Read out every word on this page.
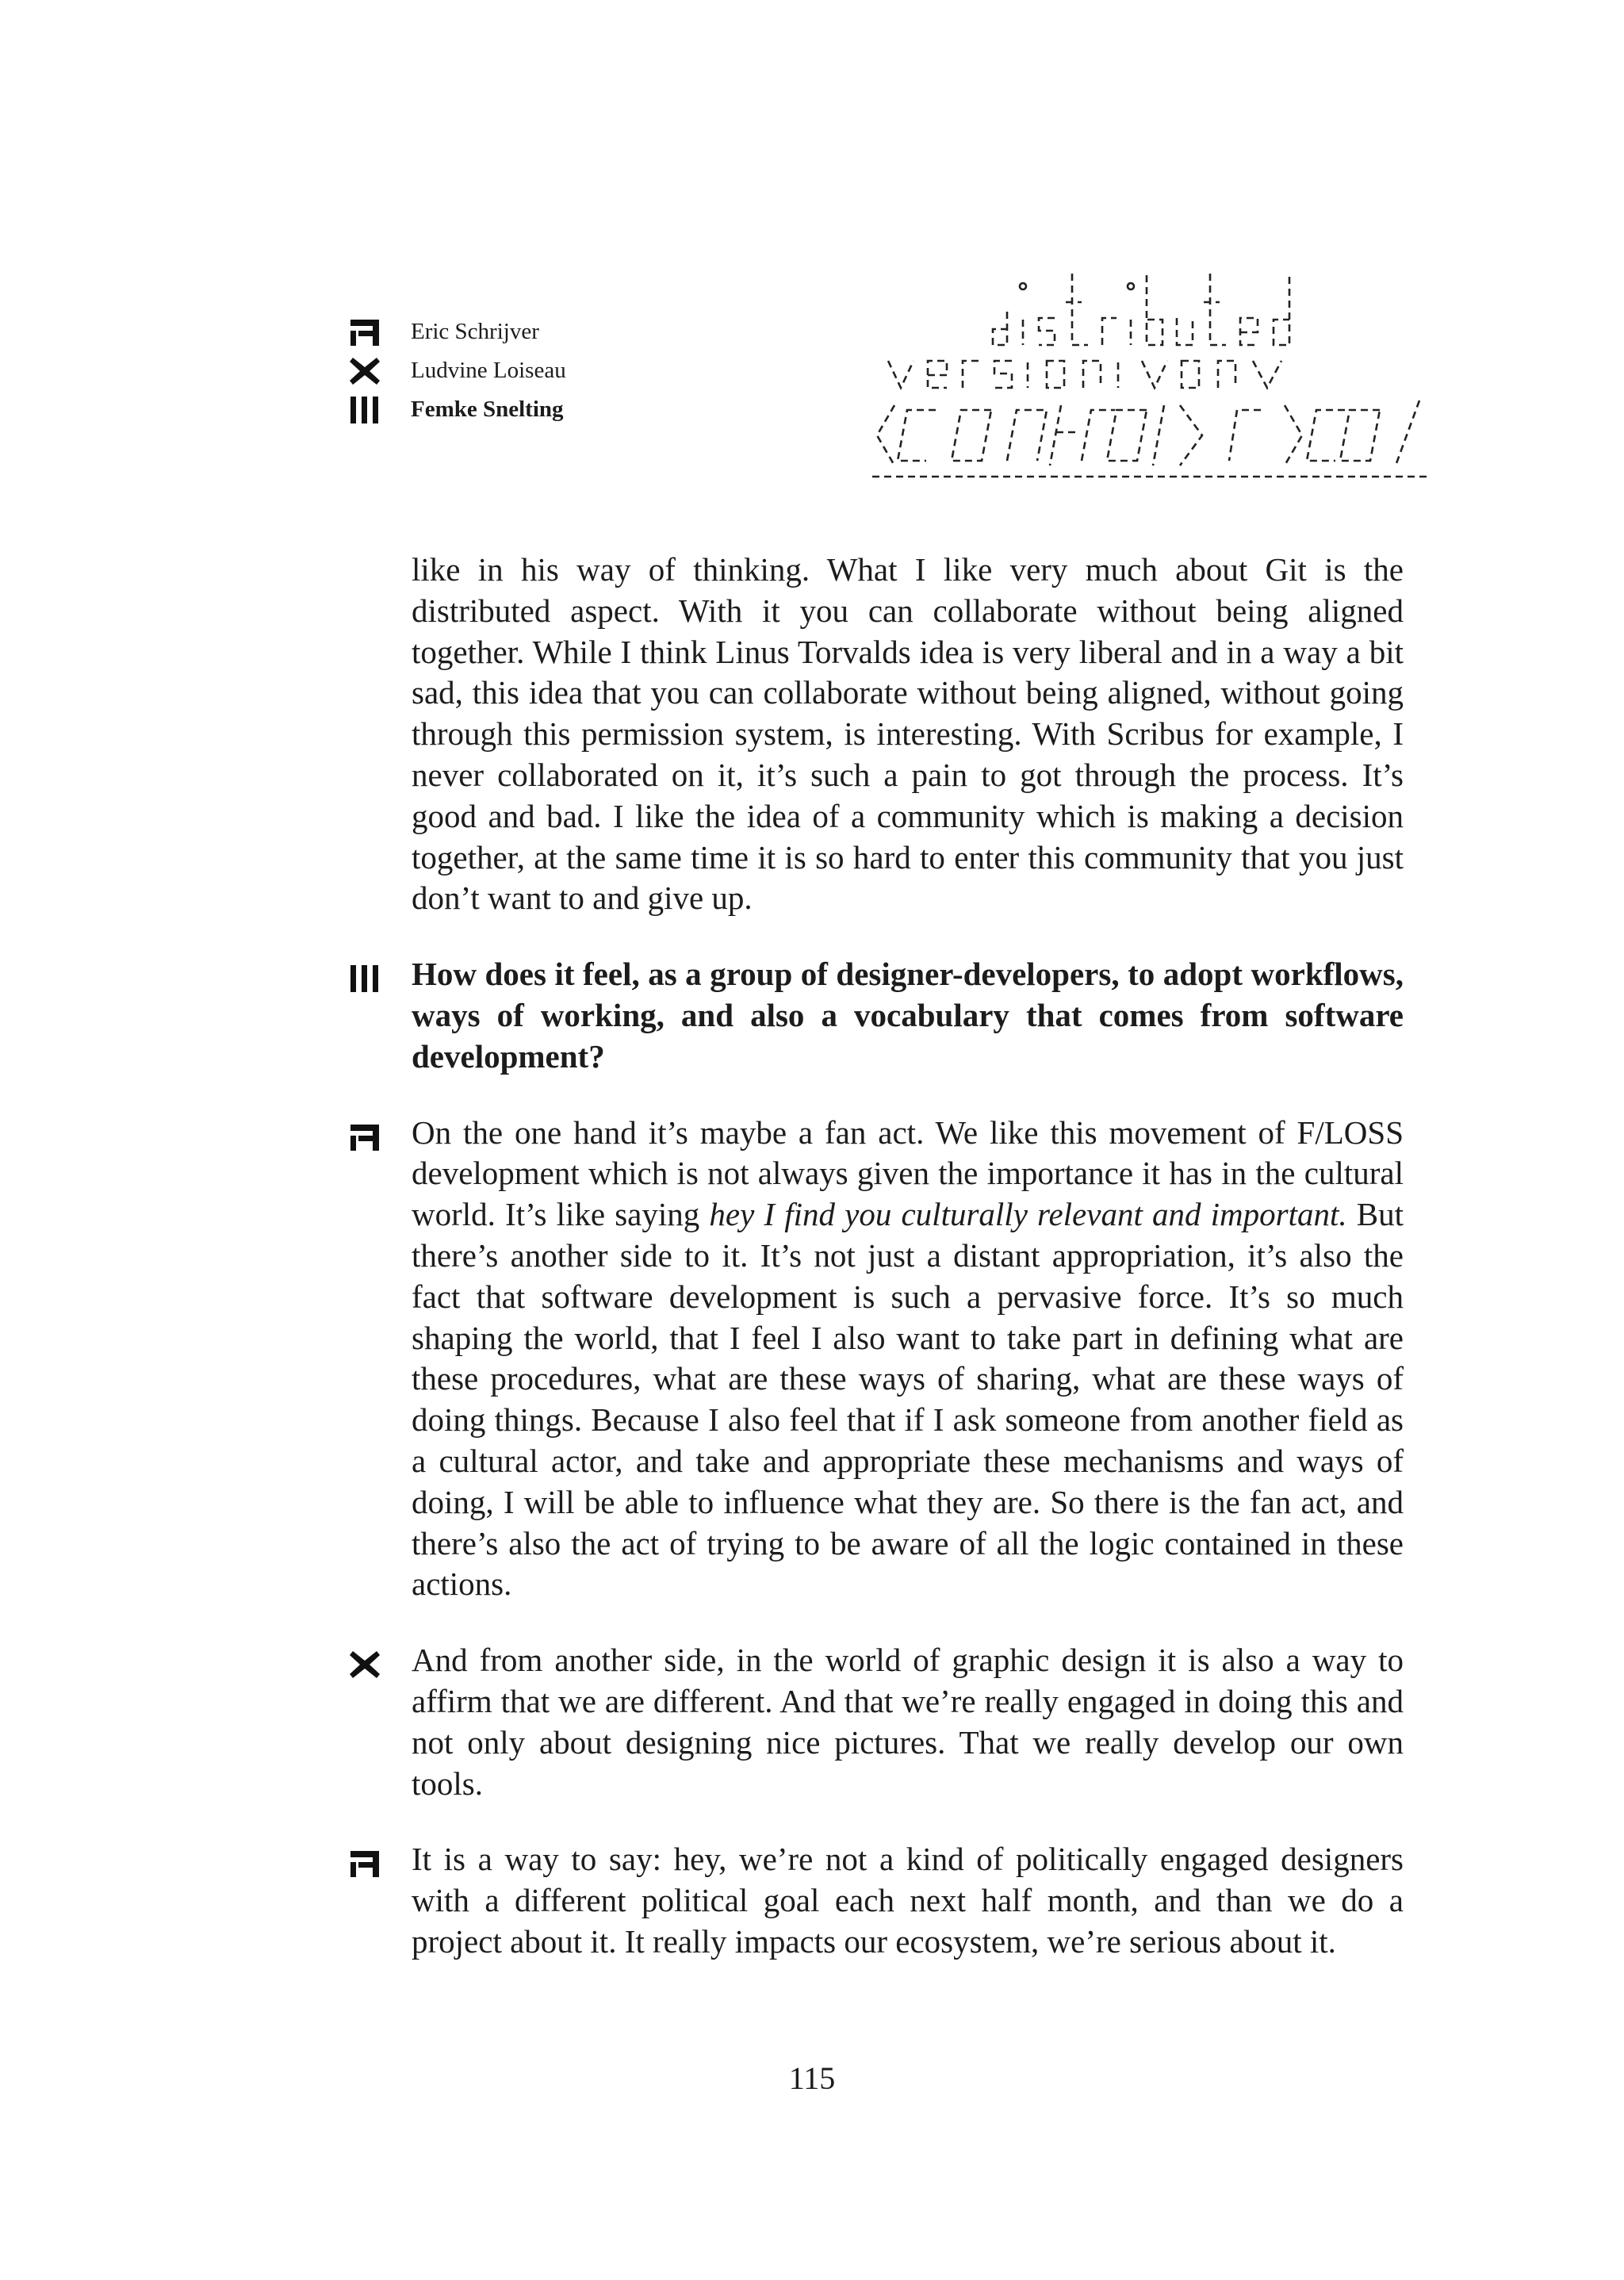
Eric Schrijver
Ludvine Loiseau
Femke Snelting
like in his way of thinking. What I like very much about Git is the distributed aspect. With it you can collaborate without being aligned together. While I think Linus Torvalds idea is very liberal and in a way a bit sad, this idea that you can collaborate without being aligned, without going through this permission system, is interesting. With Scribus for example, I never collaborated on it, it’s such a pain to got through the process. It’s good and bad. I like the idea of a community which is making a decision together, at the same time it is so hard to enter this community that you just don’t want to and give up.
How does it feel, as a group of designer-developers, to adopt workflows, ways of working, and also a vocabulary that comes from software development?
On the one hand it’s maybe a fan act. We like this movement of F/LOSS development which is not always given the importance it has in the cultural world. It’s like saying hey I find you culturally relevant and important. But there’s another side to it. It’s not just a distant appropriation, it’s also the fact that software development is such a pervasive force. It’s so much shaping the world, that I feel I also want to take part in defining what are these procedures, what are these ways of sharing, what are these ways of doing things. Because I also feel that if I ask someone from another field as a cultural actor, and take and appropriate these mechanisms and ways of doing, I will be able to influence what they are. So there is the fan act, and there’s also the act of trying to be aware of all the logic contained in these actions.
And from another side, in the world of graphic design it is also a way to affirm that we are different. And that we’re really engaged in doing this and not only about designing nice pictures. That we really develop our own tools.
It is a way to say: hey, we’re not a kind of politically engaged designers with a different political goal each next half month, and than we do a project about it. It really impacts our ecosystem, we’re serious about it.
115
